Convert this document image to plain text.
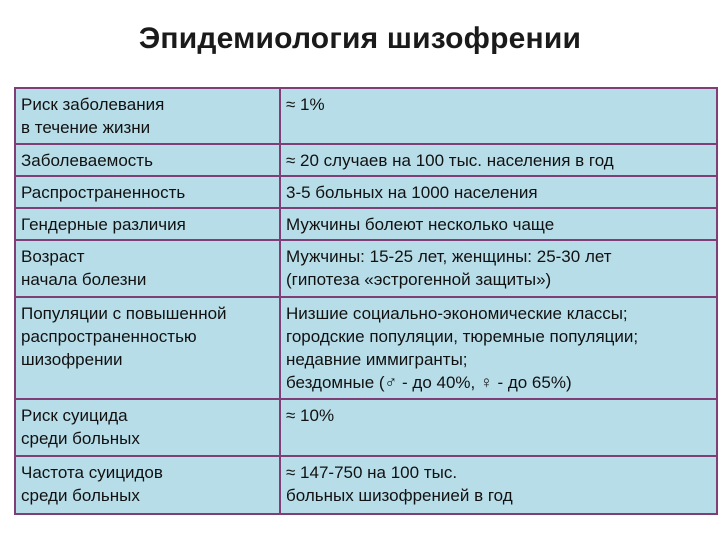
Эпидемиология шизофрении
Риск заболевания
в течение жизни	≈ 1%
Заболеваемость	≈ 20 случаев на 100 тыс. населения в год
Распространенность	3-5 больных на 1000 населения
Гендерные различия	Мужчины болеют несколько чаще
Возраст
начала болезни	Мужчины: 15-25 лет, женщины: 25-30 лет
(гипотеза «эстрогенной защиты»)
Популяции с повышенной
распространенностью
шизофрении	Низшие социально-экономические классы;
городские популяции, тюремные популяции;
недавние иммигранты;
бездомные (♂ - до 40%, ♀ - до 65%)
Риск суицида
среди больных	≈ 10%
Частота суицидов
среди больных	≈ 147-750 на 100 тыс.
больных шизофренией в год
